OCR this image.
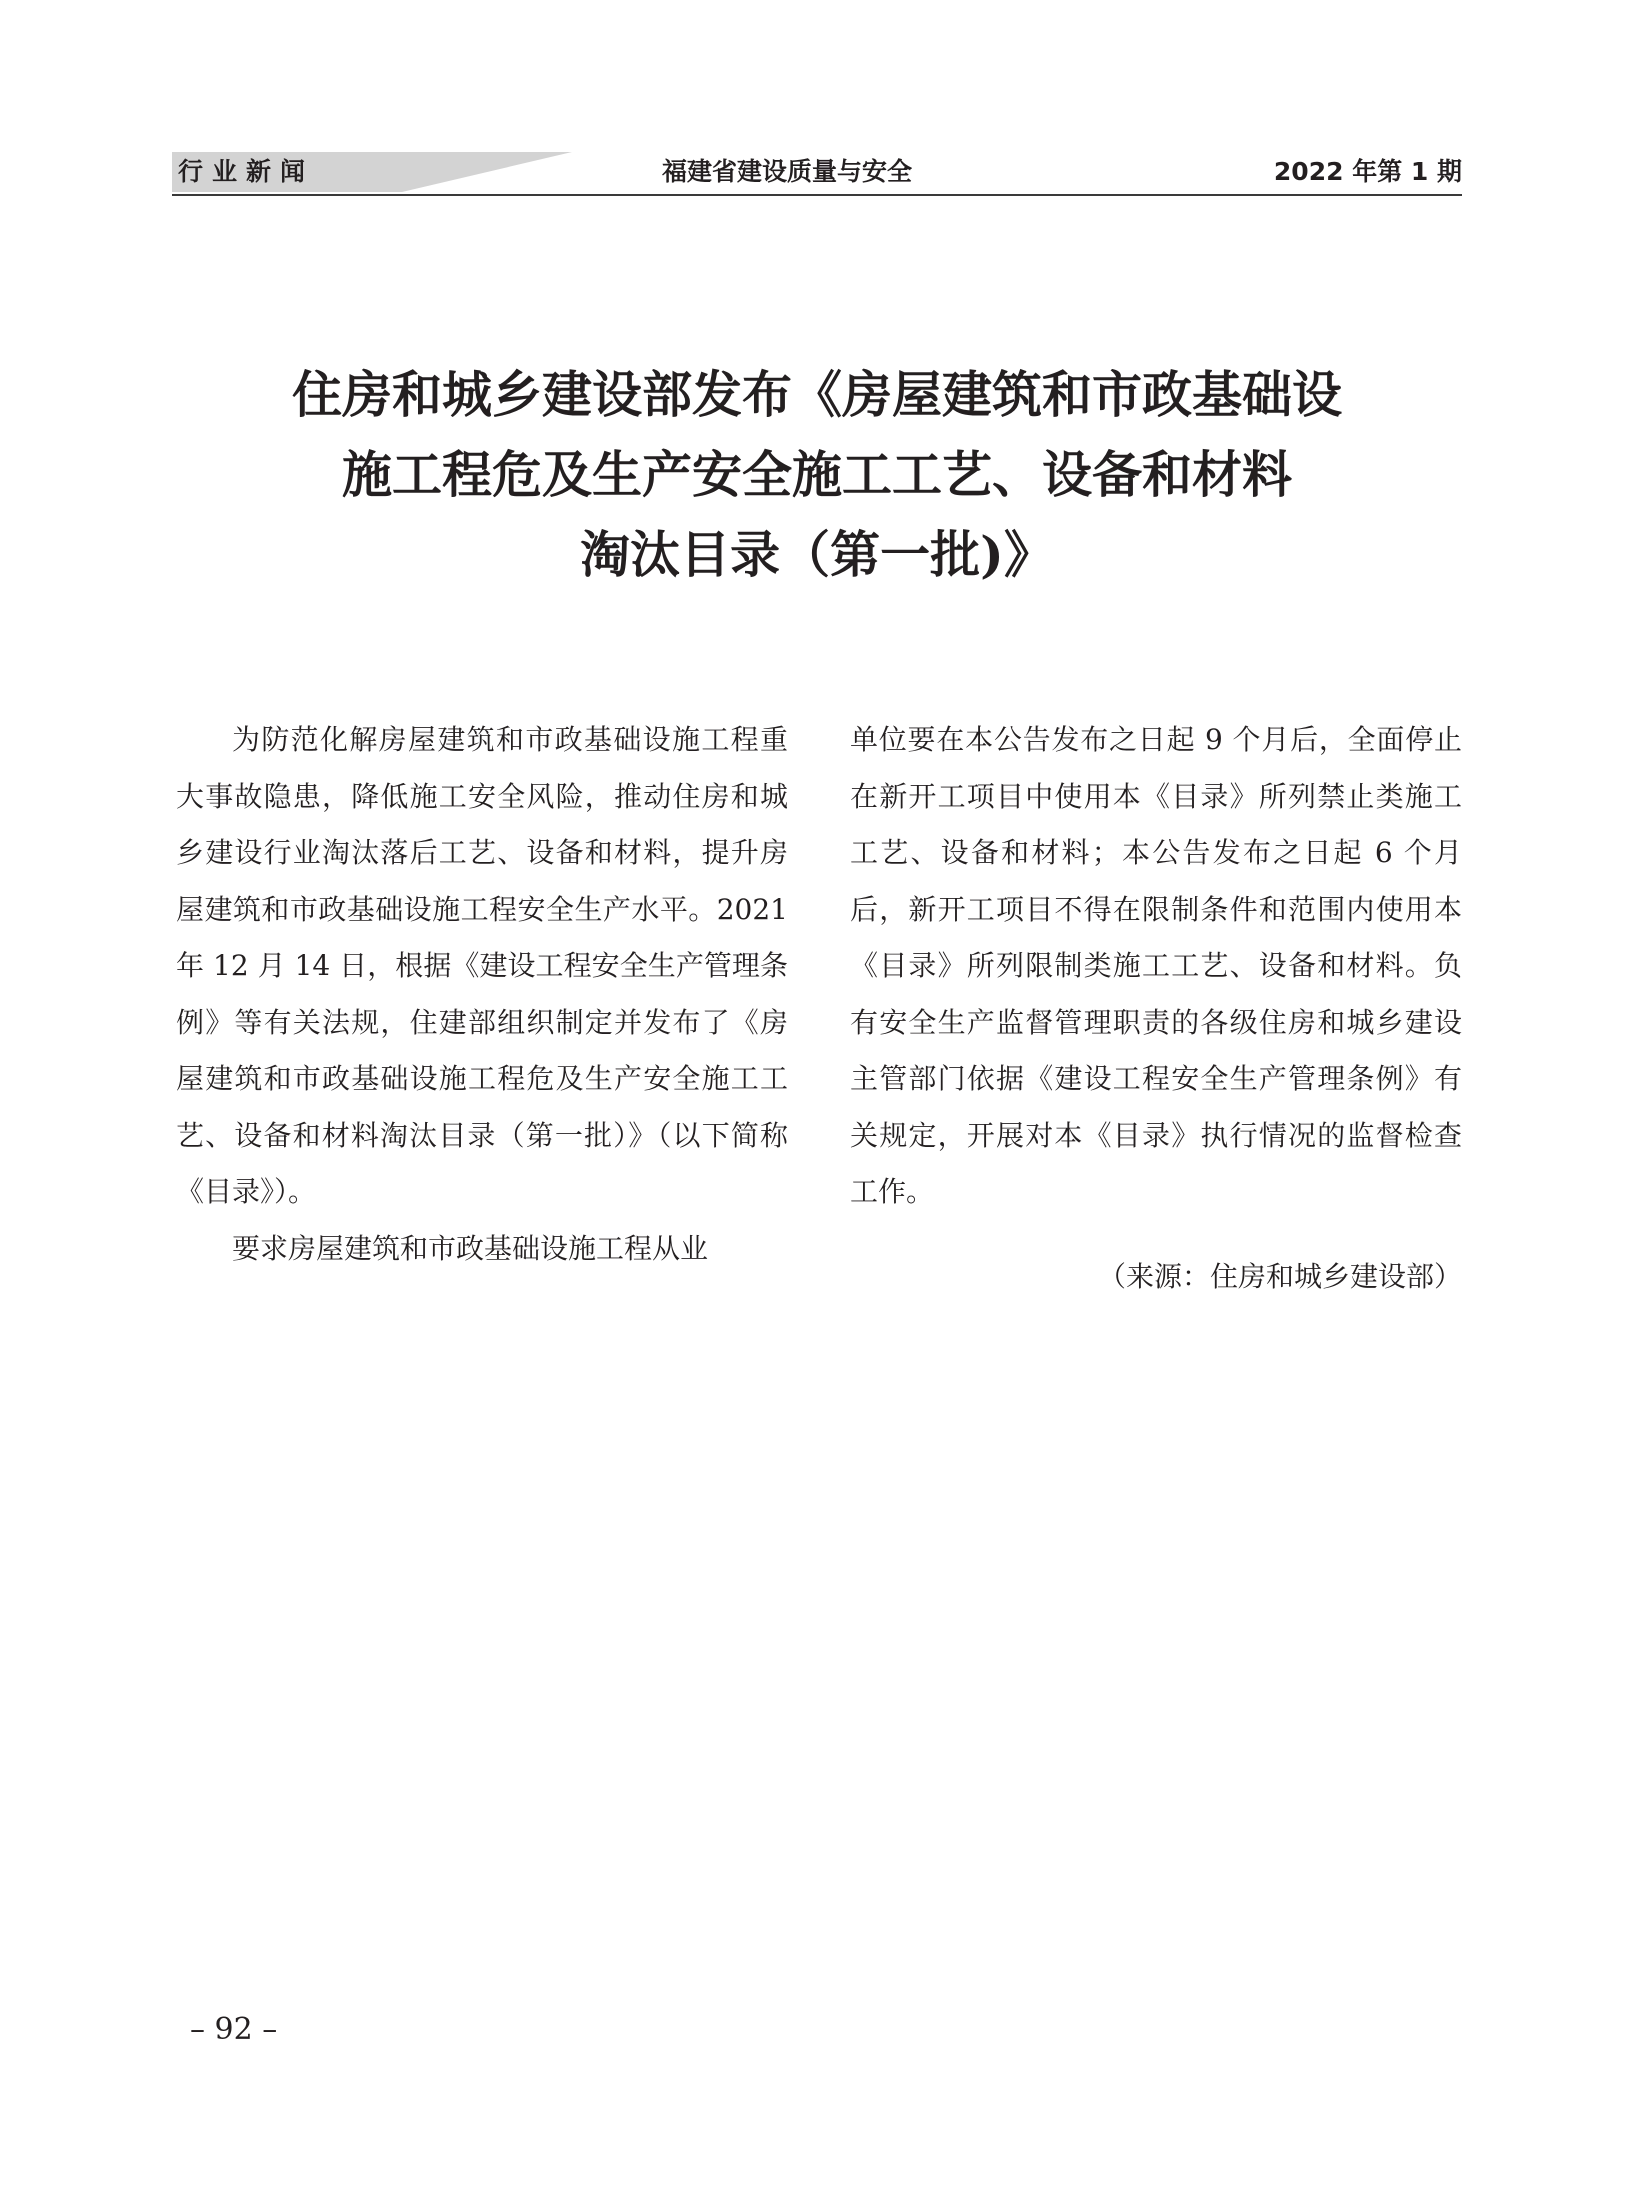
行业新闻	福建省建设质量与安全	2022 年第 1 期
住房和城乡建设部发布《房屋建筑和市政基础设
施工程危及生产安全施工工艺、设备和材料
淘汰目录（第一批)》

为防范化解房屋建筑和市政基础设施工程重大事故隐患，降低施工安全风险，推动住房和城乡建设行业淘汰落后工艺、设备和材料，提升房屋建筑和市政基础设施工程安全生产水平。2021 年 12 月 14 日，根据《建设工程安全生产管理条例》等有关法规，住建部组织制定并发布了《房屋建筑和市政基础设施工程危及生产安全施工工艺、设备和材料淘汰目录（第一批）》（以下简称《目录》）。

要求房屋建筑和市政基础设施工程从业

单位要在本公告发布之日起 9 个月后，全面停止在新开工项目中使用本《目录》所列禁止类施工工艺、设备和材料；本公告发布之日起 6 个月后，新开工项目不得在限制条件和范围内使用本《目录》所列限制类施工工艺、设备和材料。负有安全生产监督管理职责的各级住房和城乡建设主管部门依据《建设工程安全生产管理条例》有关规定，开展对本《目录》执行情况的监督检查工作。

（来源：住房和城乡建设部）

– 92 –
